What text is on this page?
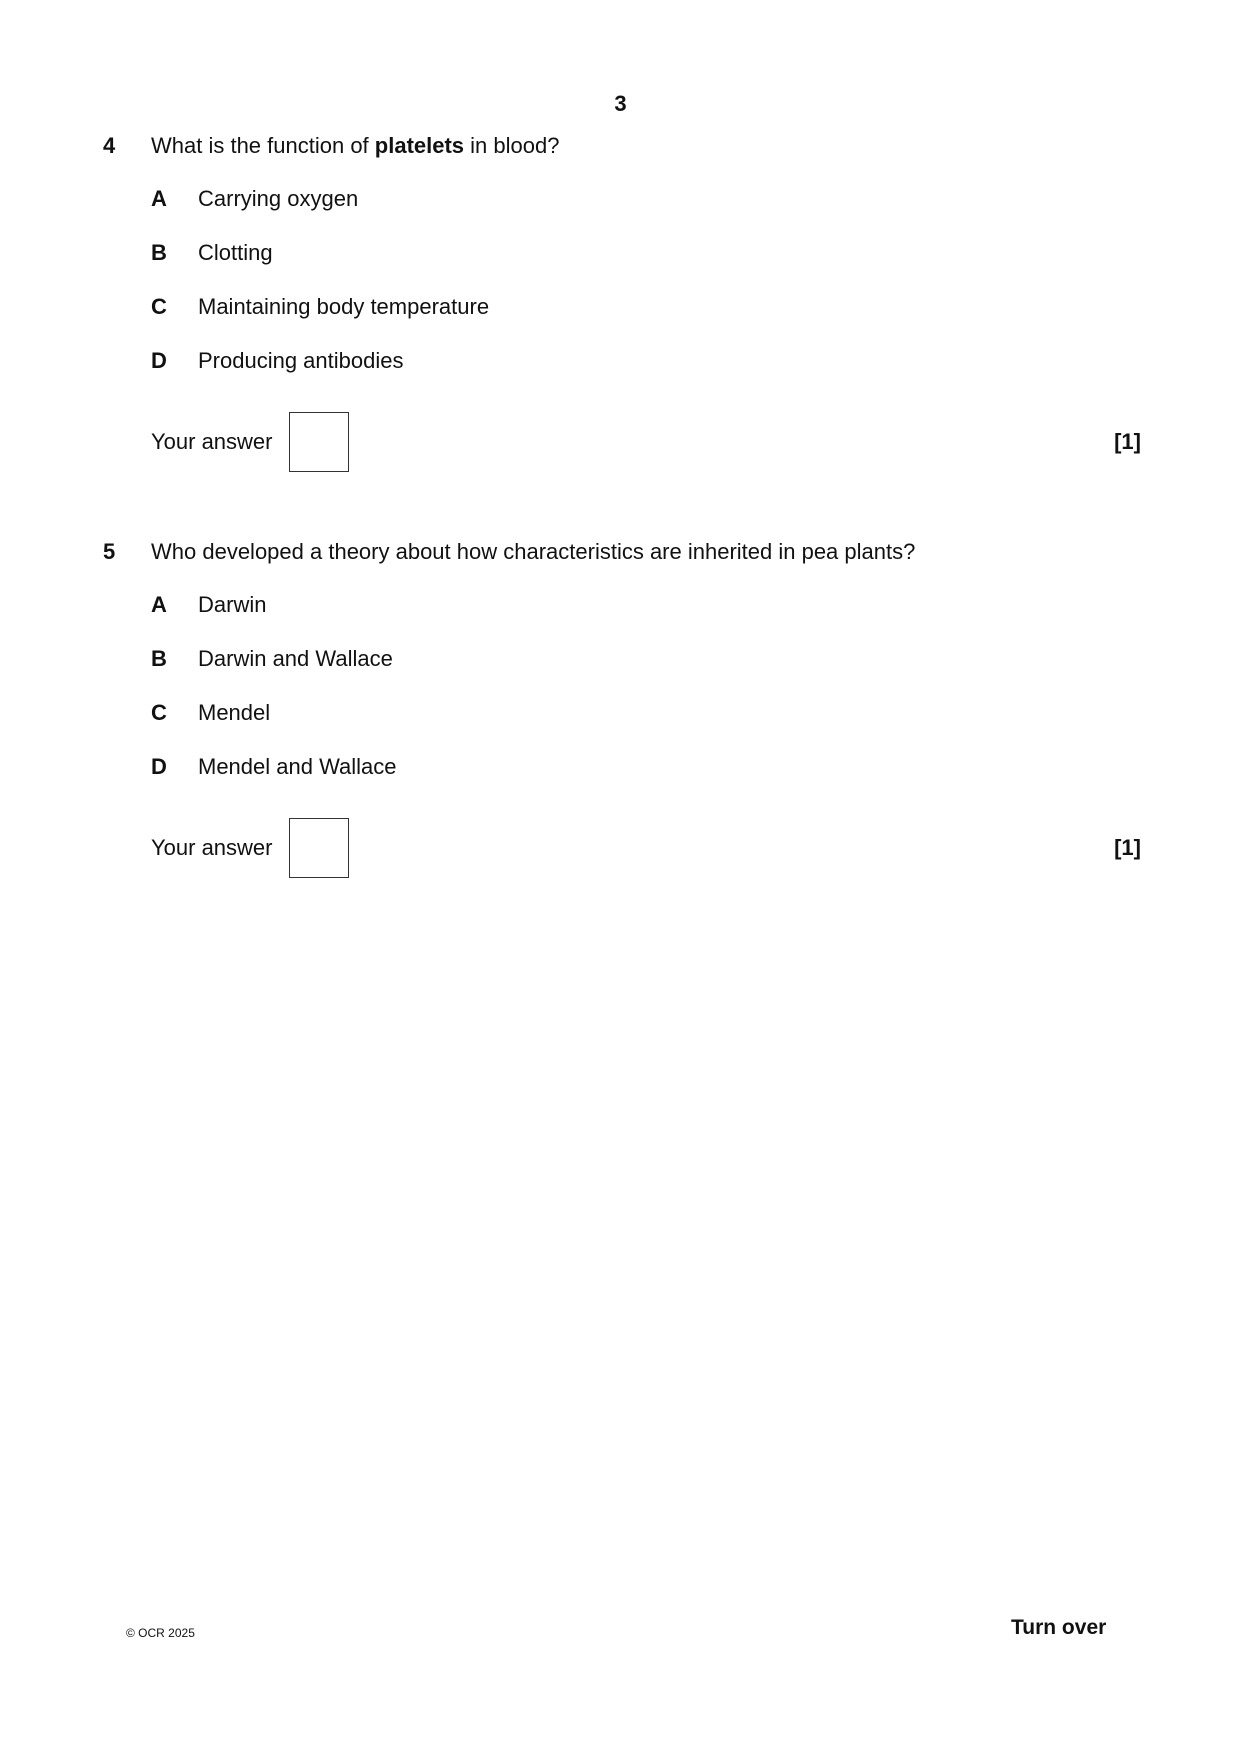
3
4 What is the function of platelets in blood?
A Carrying oxygen
B Clotting
C Maintaining body temperature
D Producing antibodies
Your answer	[1]
5 Who developed a theory about how characteristics are inherited in pea plants?
A Darwin
B Darwin and Wallace
C Mendel
D Mendel and Wallace
Your answer	[1]
© OCR 2025	Turn over
